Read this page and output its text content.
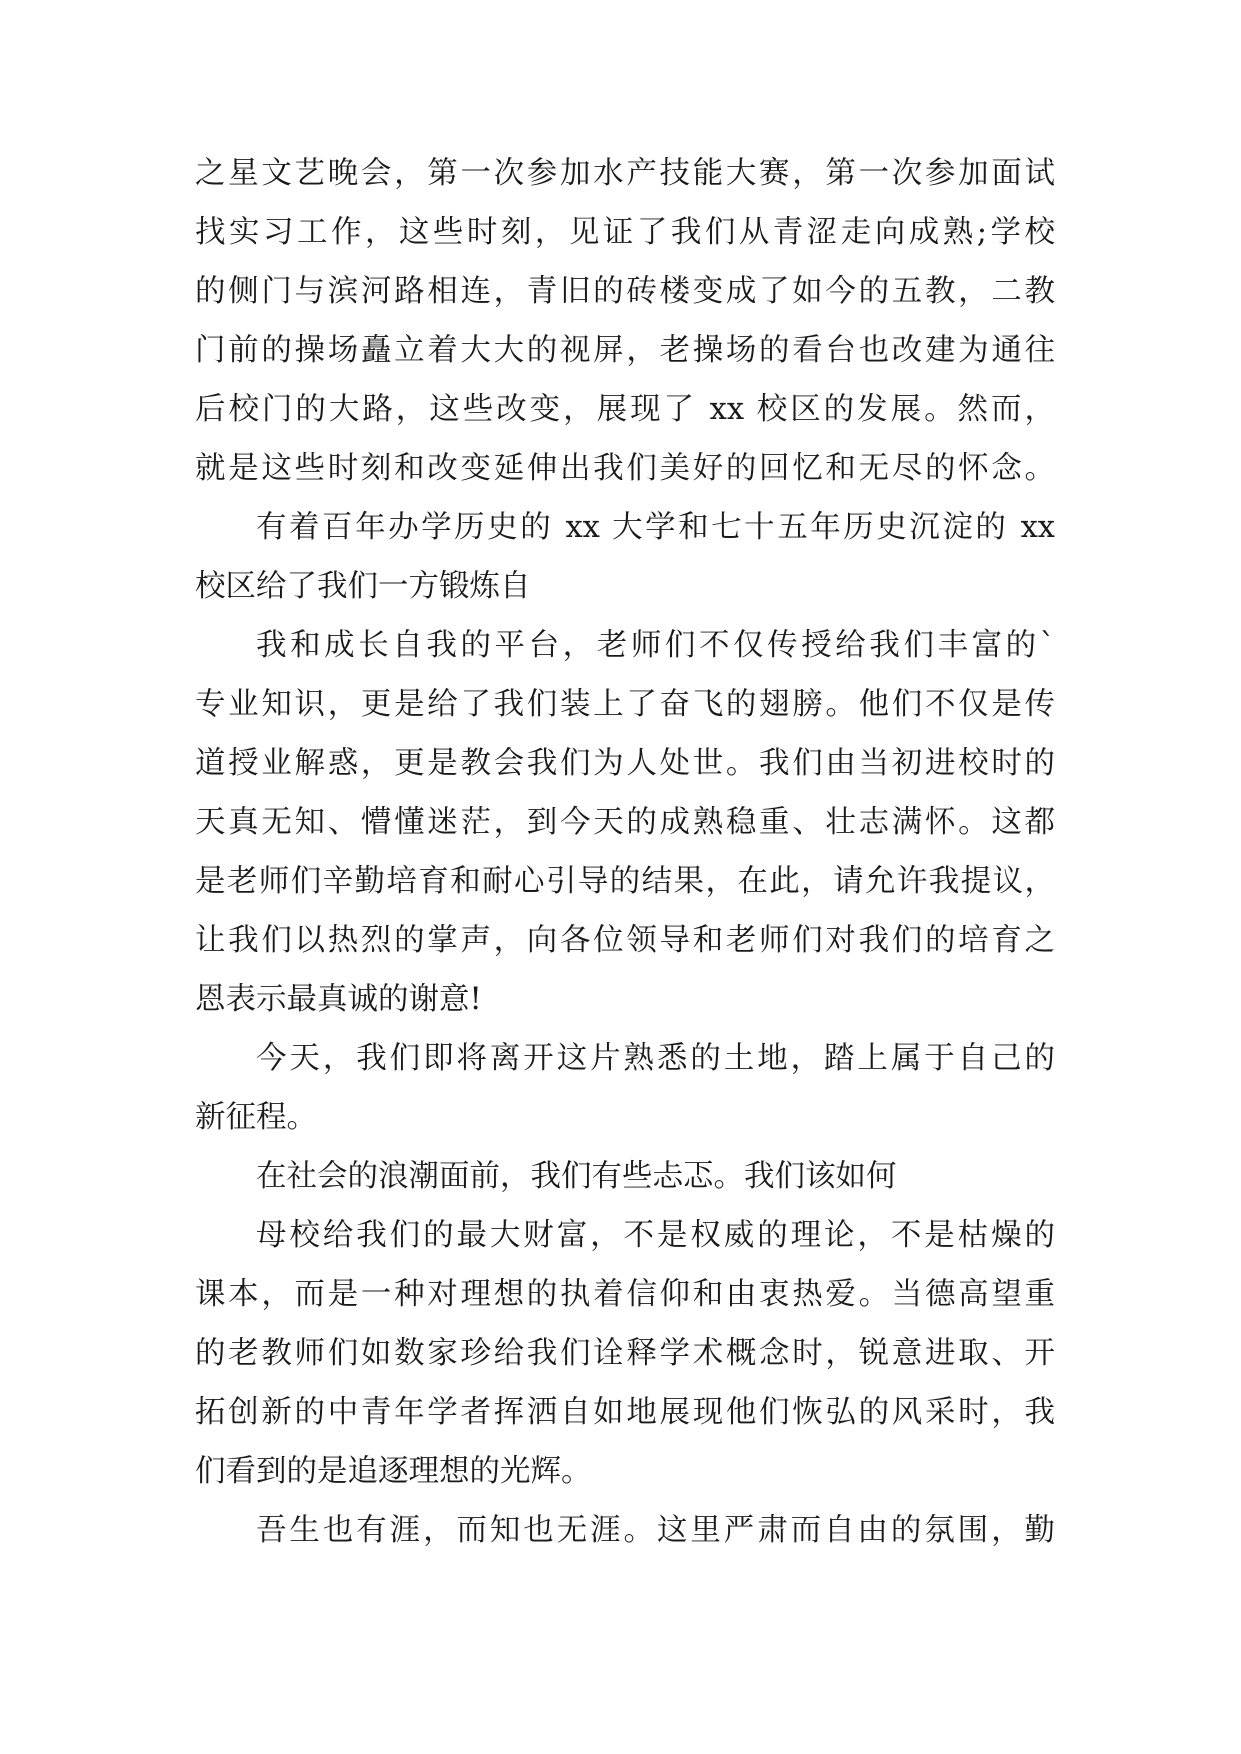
之星文艺晚会，第一次参加水产技能大赛，第一次参加面试
找实习工作，这些时刻，见证了我们从青涩走向成熟;学校
的侧门与滨河路相连，青旧的砖楼变成了如今的五教，二教
门前的操场矗立着大大的视屏，老操场的看台也改建为通往
后校门的大路，这些改变，展现了 xx 校区的发展。然而，
就是这些时刻和改变延伸出我们美好的回忆和无尽的怀念。
有着百年办学历史的 xx 大学和七十五年历史沉淀的 xx
校区给了我们一方锻炼自
我和成长自我的平台，老师们不仅传授给我们丰富的`
专业知识，更是给了我们装上了奋飞的翅膀。他们不仅是传
道授业解惑，更是教会我们为人处世。我们由当初进校时的
天真无知、懵懂迷茫，到今天的成熟稳重、壮志满怀。这都
是老师们辛勤培育和耐心引导的结果，在此，请允许我提议，
让我们以热烈的掌声，向各位领导和老师们对我们的培育之
恩表示最真诚的谢意!
今天，我们即将离开这片熟悉的土地，踏上属于自己的
新征程。
在社会的浪潮面前，我们有些忐忑。我们该如何
母校给我们的最大财富，不是权威的理论，不是枯燥的
课本，而是一种对理想的执着信仰和由衷热爱。当德高望重
的老教师们如数家珍给我们诠释学术概念时，锐意进取、开
拓创新的中青年学者挥洒自如地展现他们恢弘的风采时，我
们看到的是追逐理想的光辉。
吾生也有涯，而知也无涯。这里严肃而自由的氛围，勤
